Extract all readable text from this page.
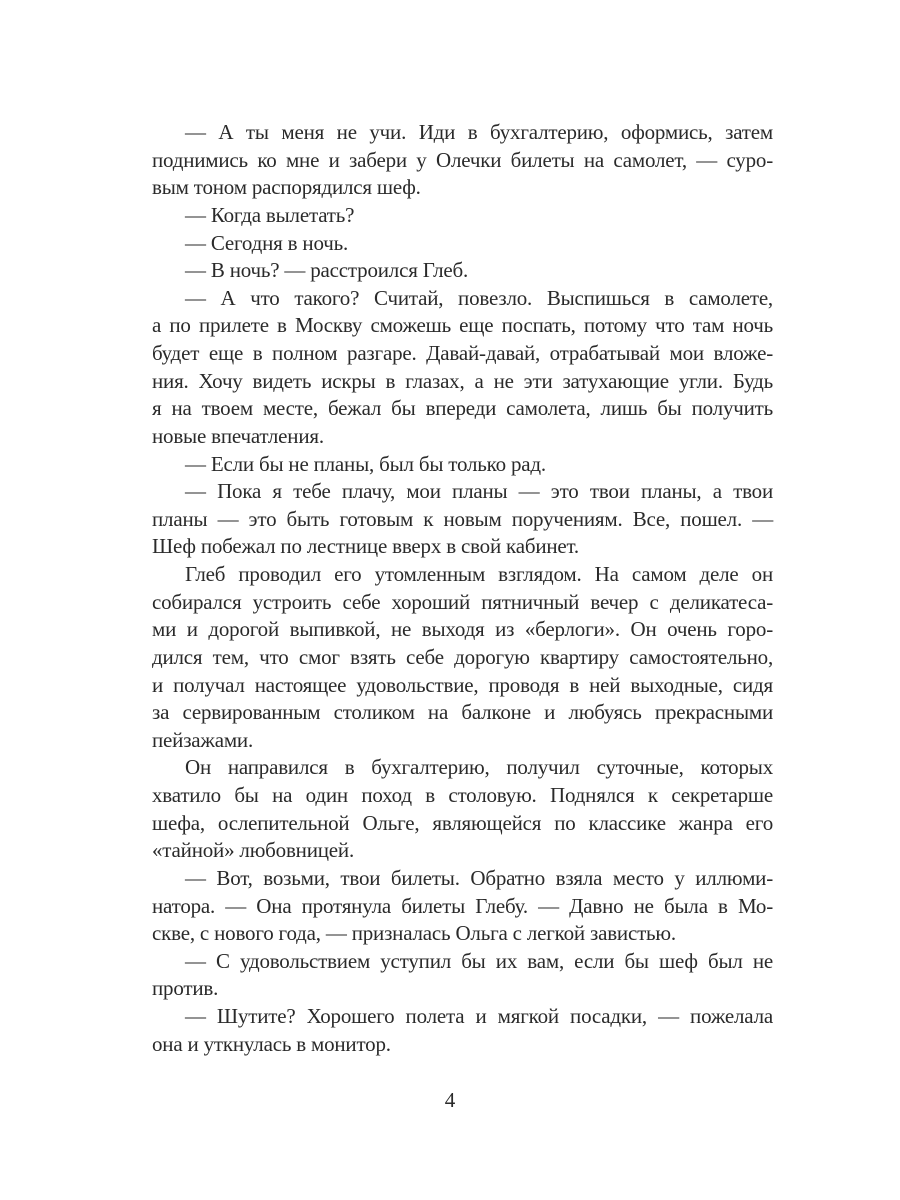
— А ты меня не учи. Иди в бухгалтерию, оформись, затем
поднимись ко мне и забери у Олечки билеты на самолет, — суро-
вым тоном распорядился шеф.
— Когда вылетать?
— Сегодня в ночь.
— В ночь? — расстроился Глеб.
— А что такого? Считай, повезло. Выспишься в самолете,
а по прилете в Москву сможешь еще поспать, потому что там ночь
будет еще в полном разгаре. Давай-давай, отрабатывай мои вложе-
ния. Хочу видеть искры в глазах, а не эти затухающие угли. Будь
я на твоем месте, бежал бы впереди самолета, лишь бы получить
новые впечатления.
— Если бы не планы, был бы только рад.
— Пока я тебе плачу, мои планы — это твои планы, а твои
планы — это быть готовым к новым поручениям. Все, пошел. —
Шеф побежал по лестнице вверх в свой кабинет.
Глеб проводил его утомленным взглядом. На самом деле он
собирался устроить себе хороший пятничный вечер с деликатеса-
ми и дорогой выпивкой, не выходя из «берлоги». Он очень горо-
дился тем, что смог взять себе дорогую квартиру самостоятельно,
и получал настоящее удовольствие, проводя в ней выходные, сидя
за сервированным столиком на балконе и любуясь прекрасными
пейзажами.
Он направился в бухгалтерию, получил суточные, которых
хватило бы на один поход в столовую. Поднялся к секретарше
шефа, ослепительной Ольге, являющейся по классике жанра его
«тайной» любовницей.
— Вот, возьми, твои билеты. Обратно взяла место у иллюми-
натора. — Она протянула билеты Глебу. — Давно не была в Мо-
скве, с нового года, — призналась Ольга с легкой завистью.
— С удовольствием уступил бы их вам, если бы шеф был не
против.
— Шутите? Хорошего полета и мягкой посадки, — пожелала
она и уткнулась в монитор.
4
